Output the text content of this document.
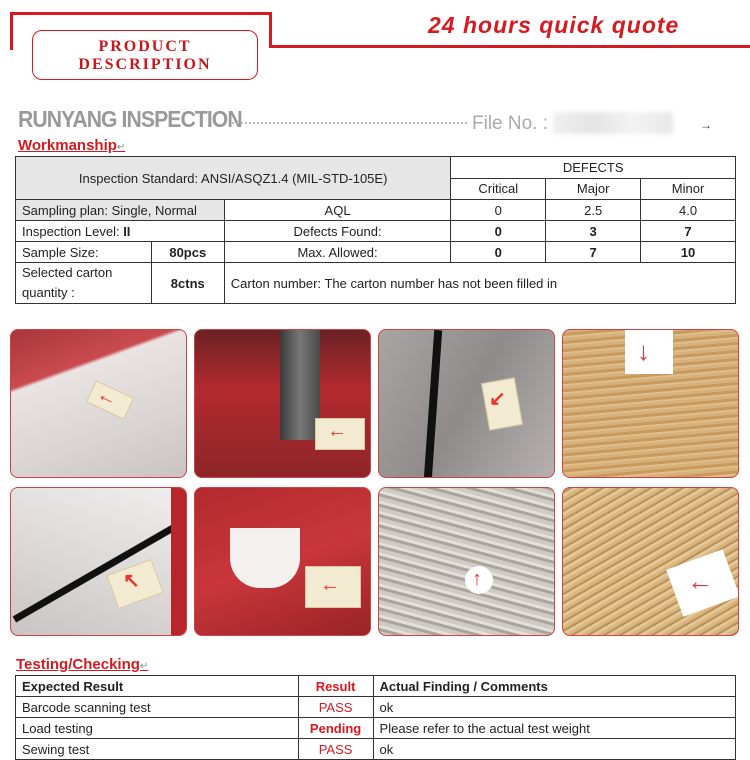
PRODUCT
DESCRIPTION
24 hours quick quote
RUNYANG INSPECTION	File No. :	→
Workmanship↵
Inspection Standard: ANSI/ASQZ1.4 (MIL-STD-105E)			DEFECTS		
			Critical	Major	Minor
Sampling plan: Single, Normal		AQL	0	2.5	4.0
Inspection Level: II		Defects Found:	0	3	7
Sample Size:	80pcs	Max. Allowed:	0	7	10
Selected carton quantity :	8ctns	Carton number: The carton number has not been filled in			
←
←
↙
↓
↖	←	↑	←
Testing/Checking↵
Expected Result	Result	Actual Finding / Comments
Barcode scanning test	PASS	ok
Load testing	Pending	Please refer to the actual test weight
Sewing test	PASS	ok
